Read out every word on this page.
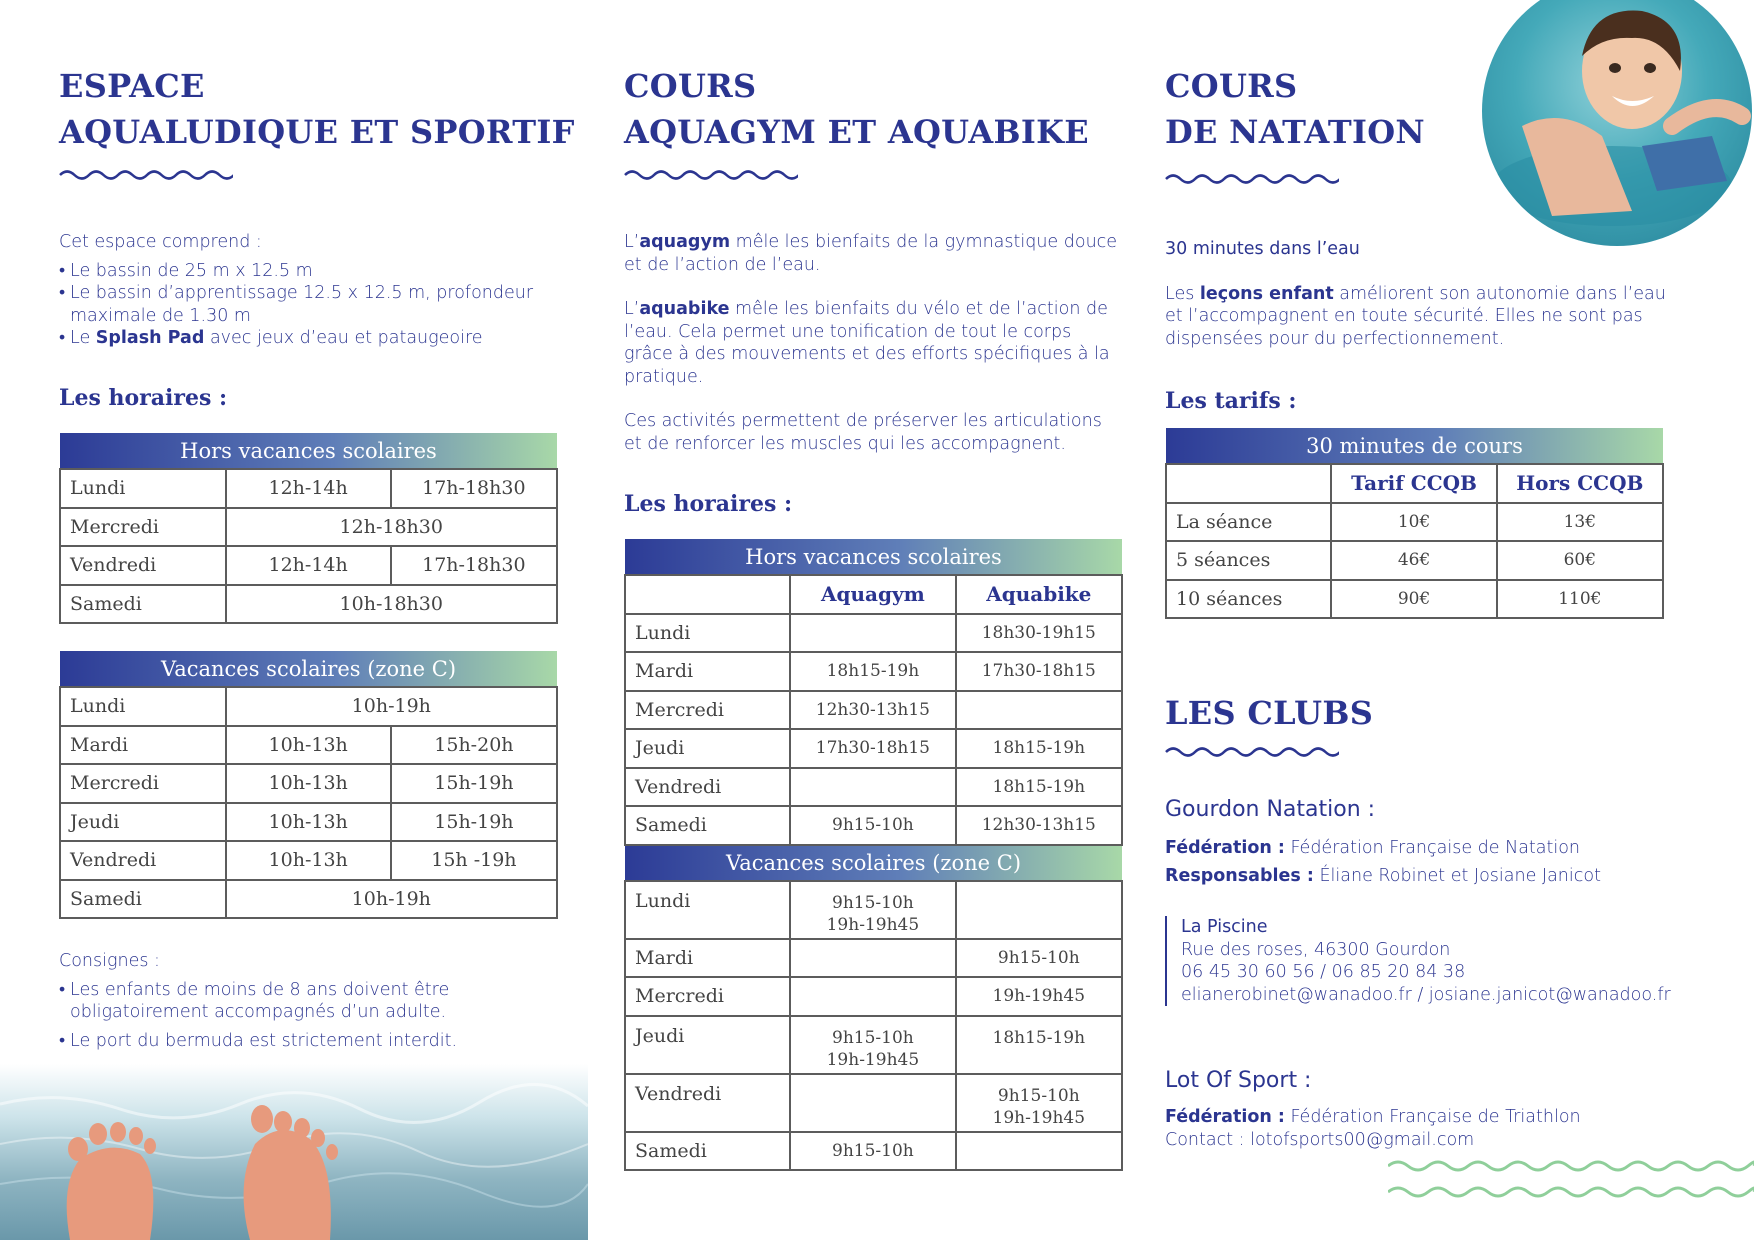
ESPACE
AQUALUDIQUE ET SPORTIF
Cet espace comprend :
• Le bassin de 25 m x 12.5 m
• Le bassin d’apprentissage 12.5 x 12.5 m, profondeur maximale de 1.30 m
• Le Splash Pad avec jeux d’eau et pataugeoire
Les horaires :
Hors vacances scolaires		
Lundi	12h-14h	17h-18h30
Mercredi	12h-18h30	
Vendredi	12h-14h	17h-18h30
Samedi	10h-18h30	
Vacances scolaires (zone C)		
Lundi	10h-19h	
Mardi	10h-13h	15h-20h
Mercredi	10h-13h	15h-19h
Jeudi	10h-13h	15h-19h
Vendredi	10h-13h	15h -19h
Samedi	10h-19h	
Consignes :
• Les enfants de moins de 8 ans doivent être obligatoirement accompagnés d’un adulte.
• Le port du bermuda est strictement interdit.
COURS
AQUAGYM ET AQUABIKE

L’aquagym mêle les bienfaits de la gymnastique douce et de l’action de l’eau.

L’aquabike mêle les bienfaits du vélo et de l’action de l’eau. Cela permet une tonification de tout le corps grâce à des mouvements et des efforts spécifiques à la pratique.

Ces activités permettent de préserver les articulations et de renforcer les muscles qui les accompagnent.

Les horaires :
Hors vacances scolaires		
	Aquagym	Aquabike
Lundi		18h30-19h15
Mardi	18h15-19h	17h30-18h15
Mercredi	12h30-13h15	
Jeudi	17h30-18h15	18h15-19h
Vendredi		18h15-19h
Samedi	9h15-10h	12h30-13h15
Vacances scolaires (zone C)		
Lundi	9h15-10h
19h-19h45	

Mardi		9h15-10h
Mercredi		19h-19h45
Jeudi	9h15-10h
19h-19h45	18h15-19h

Vendredi		9h15-10h
19h-19h45

Samedi	9h15-10h	
COURS
DE NATATION

30 minutes dans l’eau

Les leçons enfant améliorent son autonomie dans l’eau et l’accompagnent en toute sécurité. Elles ne sont pas dispensées pour du perfectionnement.

Les tarifs :
30 minutes de cours		
	Tarif CCQB	Hors CCQB
La séance	10€	13€
5 séances	46€	60€
10 séances	90€	110€
LES CLUBS
Gourdon Natation :
Fédération : Fédération Française de Natation
Responsables : Éliane Robinet et Josiane Janicot
La Piscine
Rue des roses, 46300 Gourdon
06 45 30 60 56 / 06 85 20 84 38
elianerobinet@wanadoo.fr / josiane.janicot@wanadoo.fr
Lot Of Sport :
Fédération : Fédération Française de Triathlon
Contact : lotofsports00@gmail.com
